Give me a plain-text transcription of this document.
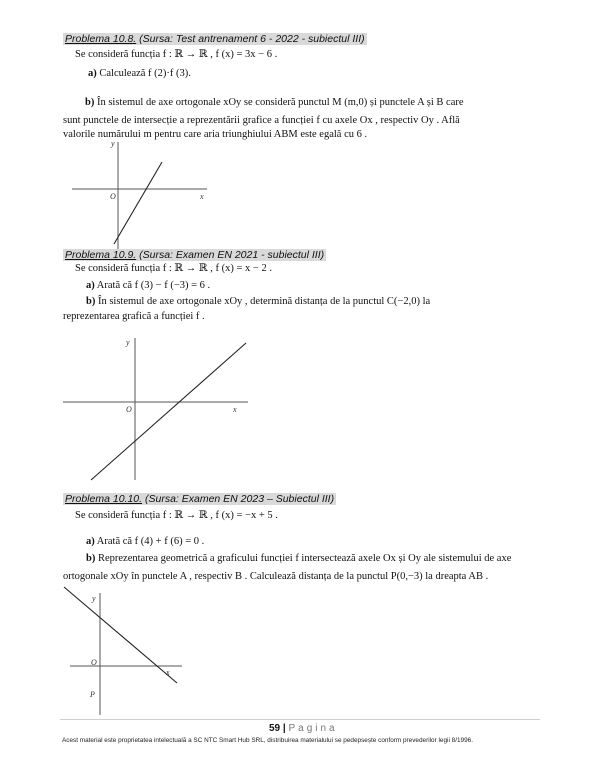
Problema 10.8. (Sursa: Test antrenament 6 - 2022 - subiectul III)
Se consideră funcția f : ℝ → ℝ , f (x) = 3x − 6 .
a) Calculează f (2)·f (3).
b) În sistemul de axe ortogonale xOy se consideră punctul M (m,0) și punctele A și B care
sunt punctele de intersecție a reprezentării grafice a funcției f cu axele Ox , respectiv Oy . Află
valorile numărului m pentru care aria triunghiului ABM este egală cu 6 .
y
O	x
Problema 10.9. (Sursa: Examen EN 2021 - subiectul III)
Se consideră funcția f : ℝ → ℝ , f (x) = x − 2 .
a) Arată că f (3) − f (−3) = 6 .
b) În sistemul de axe ortogonale xOy , determină distanța de la punctul C(−2,0) la
reprezentarea grafică a funcției f .
y
O	x
Problema 10.10. (Sursa: Examen EN 2023 – Subiectul III)
Se consideră funcția f : ℝ → ℝ , f (x) = −x + 5 .
a) Arată că f (4) + f (6) = 0 .
b) Reprezentarea geometrică a graficului funcției f intersectează axele Ox și Oy ale sistemului de axe
ortogonale xOy în punctele A , respectiv B . Calculează distanța de la punctul P(0,−3) la dreapta AB .
y
O
x
P
59 | Pagina
Acest material este proprietatea intelectuală a SC NTC Smart Hub SRL, distribuirea materialului se pedepsește conform prevederilor legii 8/1996.
